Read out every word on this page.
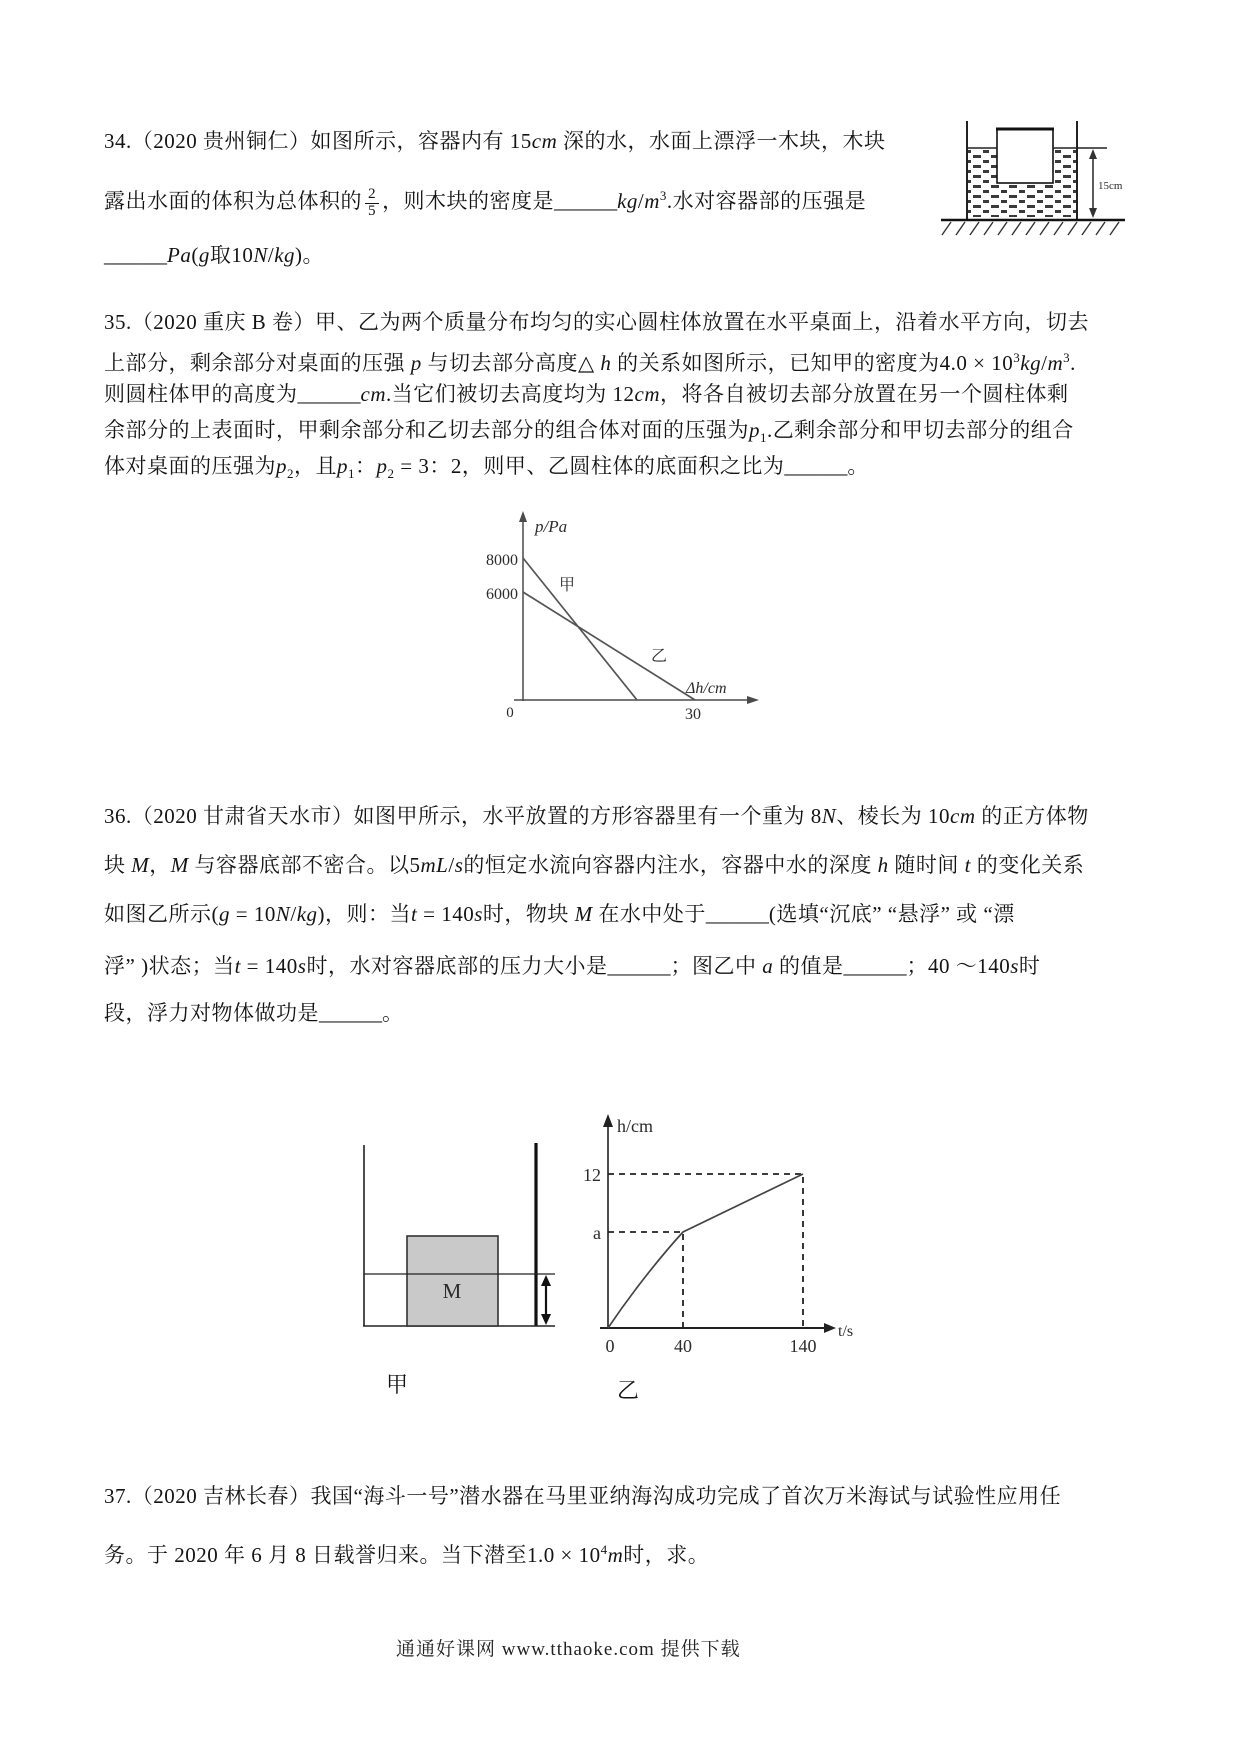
34.（2020 贵州铜仁）如图所示，容器内有 15cm 深的水，水面上漂浮一木块，木块
露出水面的体积为总体积的 $\frac{2}{5}$ ，则木块的密度是$\_\_\_\_\_\_kg/m^3$.水对容器部的压强是
______Pa(g取10N/kg)。
15cm
35.（2020 重庆 B 卷）甲、乙为两个质量分布均匀的实心圆柱体放置在水平桌面上，沿着水平方向，切去
上部分，剩余部分对桌面的压强 p 与切去部分高度△ h 的关系如图所示，已知甲的密度为$4.0 \times 10^3kg/m^3$.
则圆柱体甲的高度为______cm.当它们被切去高度均为 12cm，将各自被切去部分放置在另一个圆柱体剩
余部分的上表面时，甲剩余部分和乙切去部分的组合体对面的压强为$p_1$.乙剩余部分和甲切去部分的组合
体对桌面的压强为$p_2$，且$p_1$：$p_2 = 3$：2，则甲、乙圆柱体的底面积之比为______。
p/Pa
8000
6000
0	30
Δh/cm
甲
乙
36.（2020 甘肃省天水市）如图甲所示，水平放置的方形容器里有一个重为 8N、棱长为 10cm 的正方体物
块 M，M 与容器底部不密合。以5mL/s的恒定水流向容器内注水，容器中水的深度 h 随时间 t 的变化关系
如图乙所示(g = 10N/kg)，则：当t = 140s时，物块 M 在水中处于______(选填“沉底” “悬浮” 或 “漂
浮” )状态；当t = 140s时，水对容器底部的压力大小是______；图乙中 a 的值是______；40 ～140s时
段，浮力对物体做功是______。
M
甲
h/cm
12
a
0	40	140
t/s
乙
37.（2020 吉林长春）我国“海斗一号”潜水器在马里亚纳海沟成功完成了首次万米海试与试验性应用任
务。于 2020 年 6 月 8 日载誉归来。当下潜至$1.0 \times 10^4m$时，求。
通通好课网 www.tthaoke.com 提供下载
